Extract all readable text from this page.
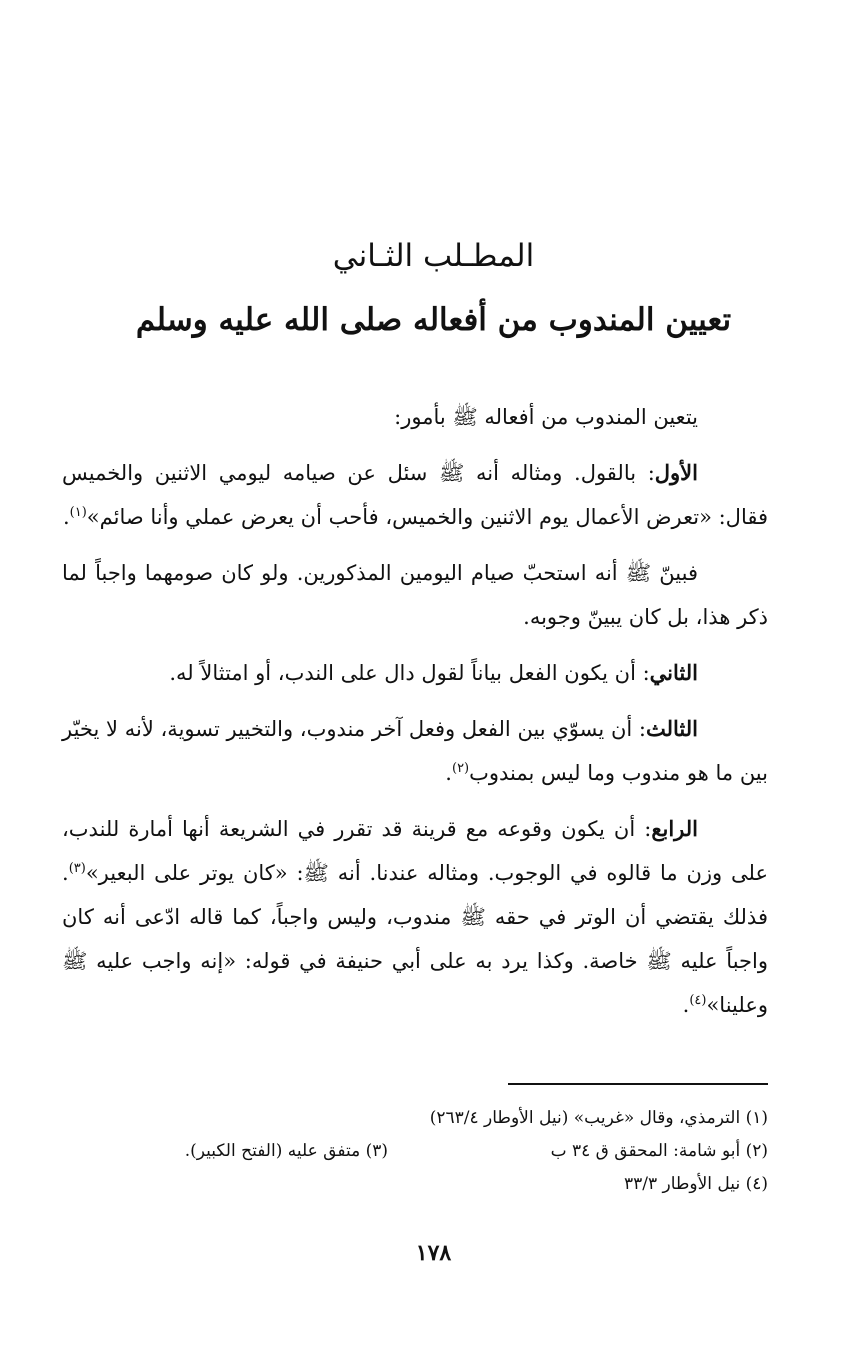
المطـلب الثـاني
تعيين المندوب من أفعاله صلى الله عليه وسلم

يتعين المندوب من أفعاله ﷺ بأمور:

الأول: بالقول. ومثاله أنه ﷺ سئل عن صيامه ليومي الاثنين والخميس فقال: «تعرض الأعمال يوم الاثنين والخميس، فأحب أن يعرض عملي وأنا صائم»$^{(١)}$.

فبينّ ﷺ أنه استحبّ صيام اليومين المذكورين. ولو كان صومهما واجباً لما ذكر هذا، بل كان يبينّ وجوبه.

الثاني: أن يكون الفعل بياناً لقول دال على الندب، أو امتثالاً له.

الثالث: أن يسوّي بين الفعل وفعل آخر مندوب، والتخيير تسوية، لأنه لا يخيّر بين ما هو مندوب وما ليس بمندوب$^{(٢)}$.

الرابع: أن يكون وقوعه مع قرينة قد تقرر في الشريعة أنها أمارة للندب، على وزن ما قالوه في الوجوب. ومثاله عندنا. أنه ﷺ: «كان يوتر على البعير»$^{(٣)}$. فذلك يقتضي أن الوتر في حقه ﷺ مندوب، وليس واجباً، كما قاله ادّعى أنه كان واجباً عليه ﷺ خاصة. وكذا يرد به على أبي حنيفة في قوله: «إنه واجب عليه ﷺ وعلينا»$^{(٤)}$.

(١) الترمذي، وقال «غريب» (نيل الأوطار ٢٦٣/٤)
(٢) أبو شامة: المحقق ق ٣٤ ب
(٣) متفق عليه (الفتح الكبير).
(٤) نيل الأوطار ٣٣/٣
١٧٨
